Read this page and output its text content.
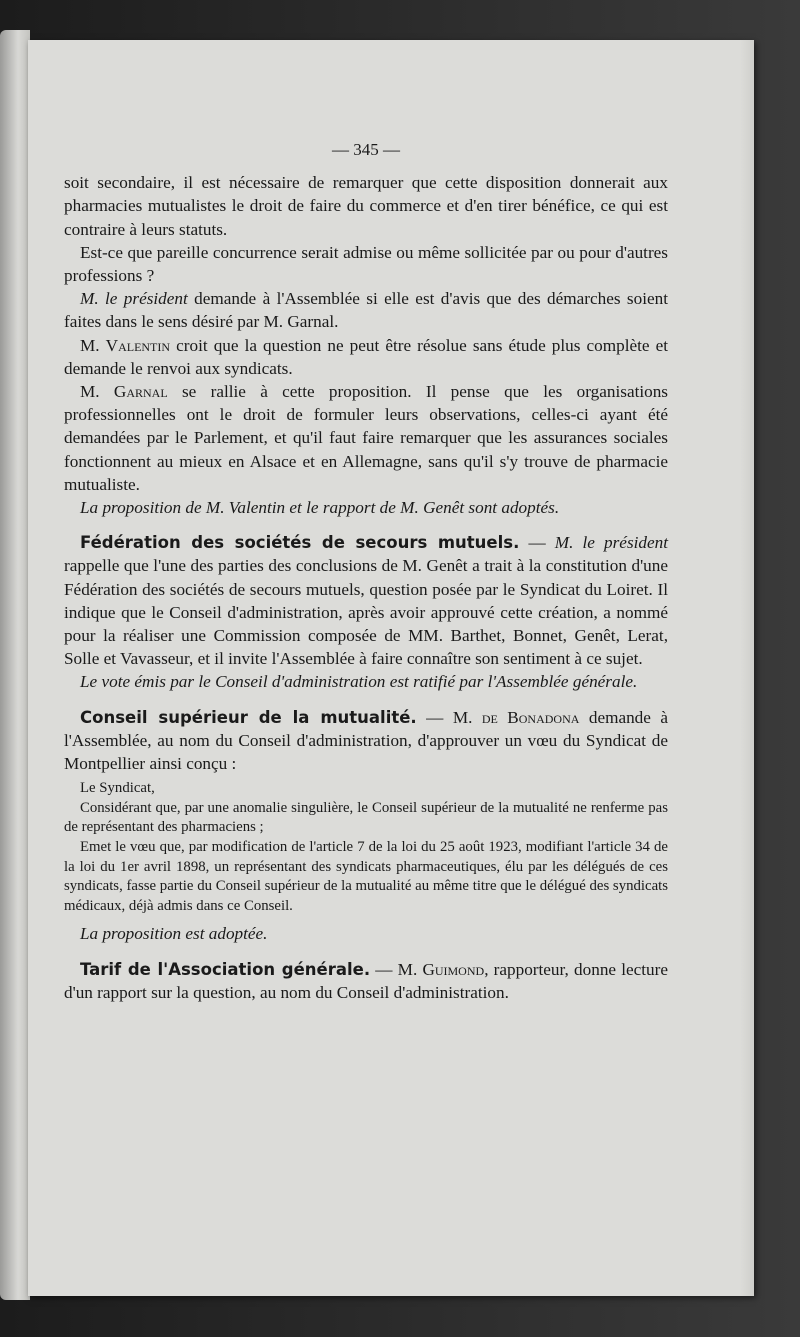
— 345 —

soit secondaire, il est nécessaire de remarquer que cette disposition donnerait aux pharmacies mutualistes le droit de faire du commerce et d'en tirer bénéfice, ce qui est contraire à leurs statuts.

Est-ce que pareille concurrence serait admise ou même sollicitée par ou pour d'autres professions ?

M. le président demande à l'Assemblée si elle est d'avis que des démarches soient faites dans le sens désiré par M. Garnal.

M. Valentin croit que la question ne peut être résolue sans étude plus complète et demande le renvoi aux syndicats.

M. Garnal se rallie à cette proposition. Il pense que les organisations professionnelles ont le droit de formuler leurs observations, celles-ci ayant été demandées par le Parlement, et qu'il faut faire remarquer que les assurances sociales fonctionnent au mieux en Alsace et en Allemagne, sans qu'il s'y trouve de pharmacie mutualiste.

La proposition de M. Valentin et le rapport de M. Genêt sont adoptés.

Fédération des sociétés de secours mutuels. — M. le président rappelle que l'une des parties des conclusions de M. Genêt a trait à la constitution d'une Fédération des sociétés de secours mutuels, question posée par le Syndicat du Loiret. Il indique que le Conseil d'administration, après avoir approuvé cette création, a nommé pour la réaliser une Commission composée de MM. Barthet, Bonnet, Genêt, Lerat, Solle et Vavasseur, et il invite l'Assemblée à faire connaître son sentiment à ce sujet.

Le vote émis par le Conseil d'administration est ratifié par l'Assemblée générale.

Conseil supérieur de la mutualité. — M. de Bonadona demande à l'Assemblée, au nom du Conseil d'administration, d'approuver un vœu du Syndicat de Montpellier ainsi conçu :

Le Syndicat,

Considérant que, par une anomalie singulière, le Conseil supérieur de la mutualité ne renferme pas de représentant des pharmaciens ;

Emet le vœu que, par modification de l'article 7 de la loi du 25 août 1923, modifiant l'article 34 de la loi du 1er avril 1898, un représentant des syndicats pharmaceutiques, élu par les délégués de ces syndicats, fasse partie du Conseil supérieur de la mutualité au même titre que le délégué des syndicats médicaux, déjà admis dans ce Conseil.

La proposition est adoptée.

Tarif de l'Association générale. — M. Guimond, rapporteur, donne lecture d'un rapport sur la question, au nom du Conseil d'administration.
